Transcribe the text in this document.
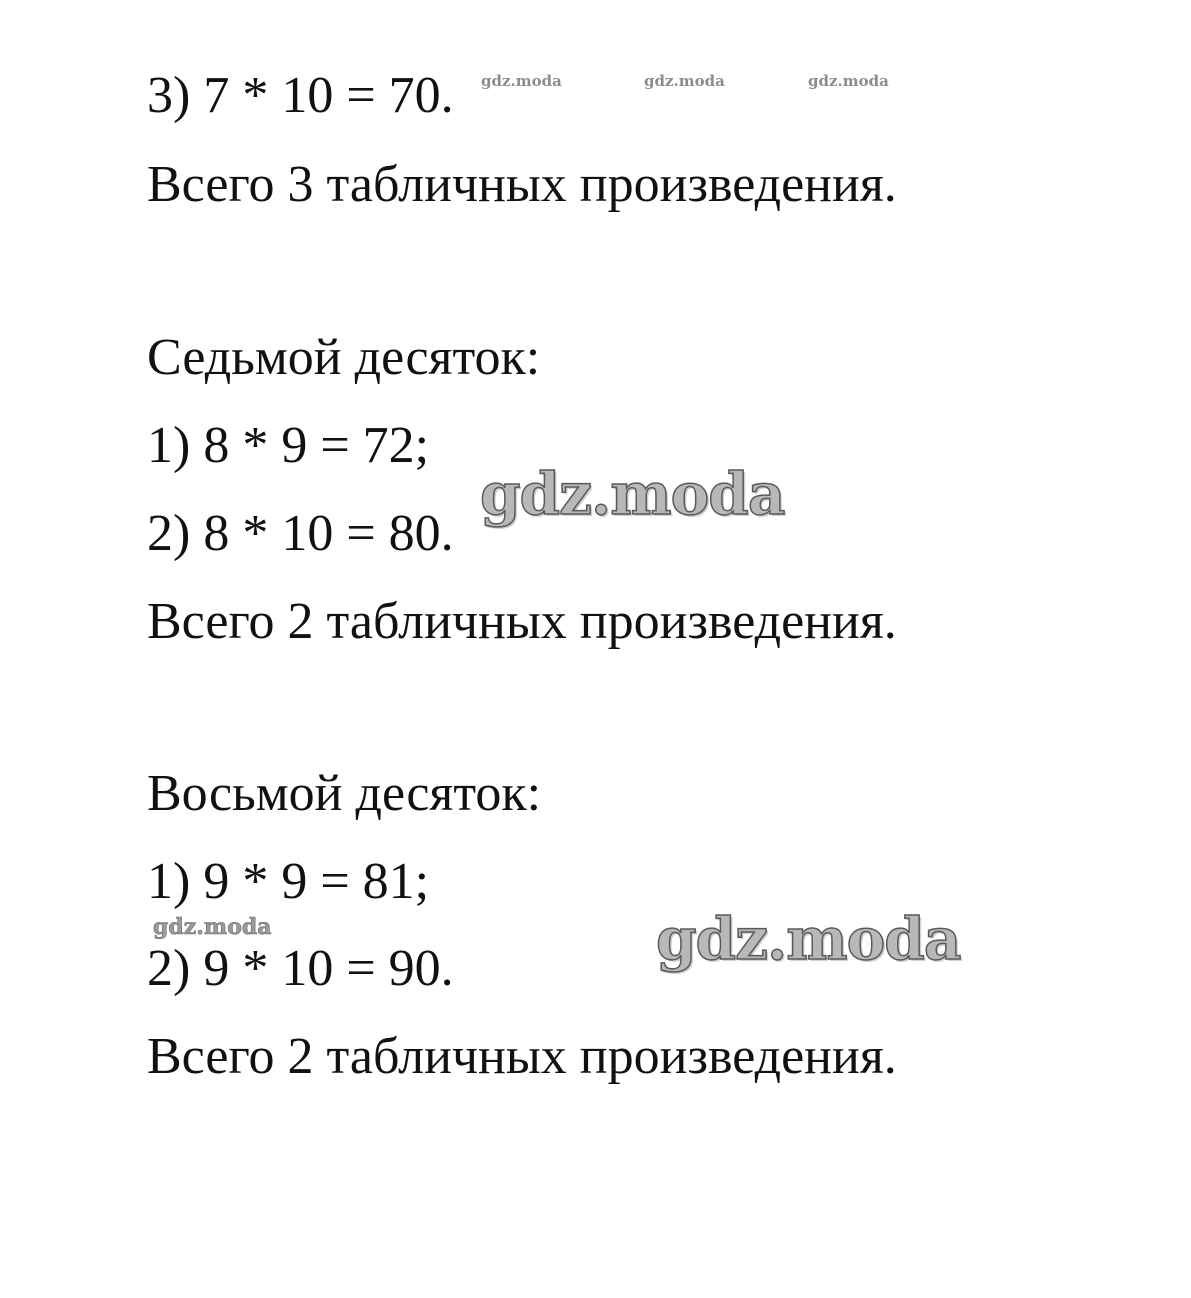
3) 7 * 10 = 70.
Всего 3 табличных произведения.
Седьмой десяток:
1) 8 * 9 = 72;
2) 8 * 10 = 80.
Всего 2 табличных произведения.
Восьмой десяток:
1) 9 * 9 = 81;
2) 9 * 10 = 90.
Всего 2 табличных произведения.
gdz.moda	gdz.moda	gdz.moda
gdz.moda
gdz.moda	gdz.moda
